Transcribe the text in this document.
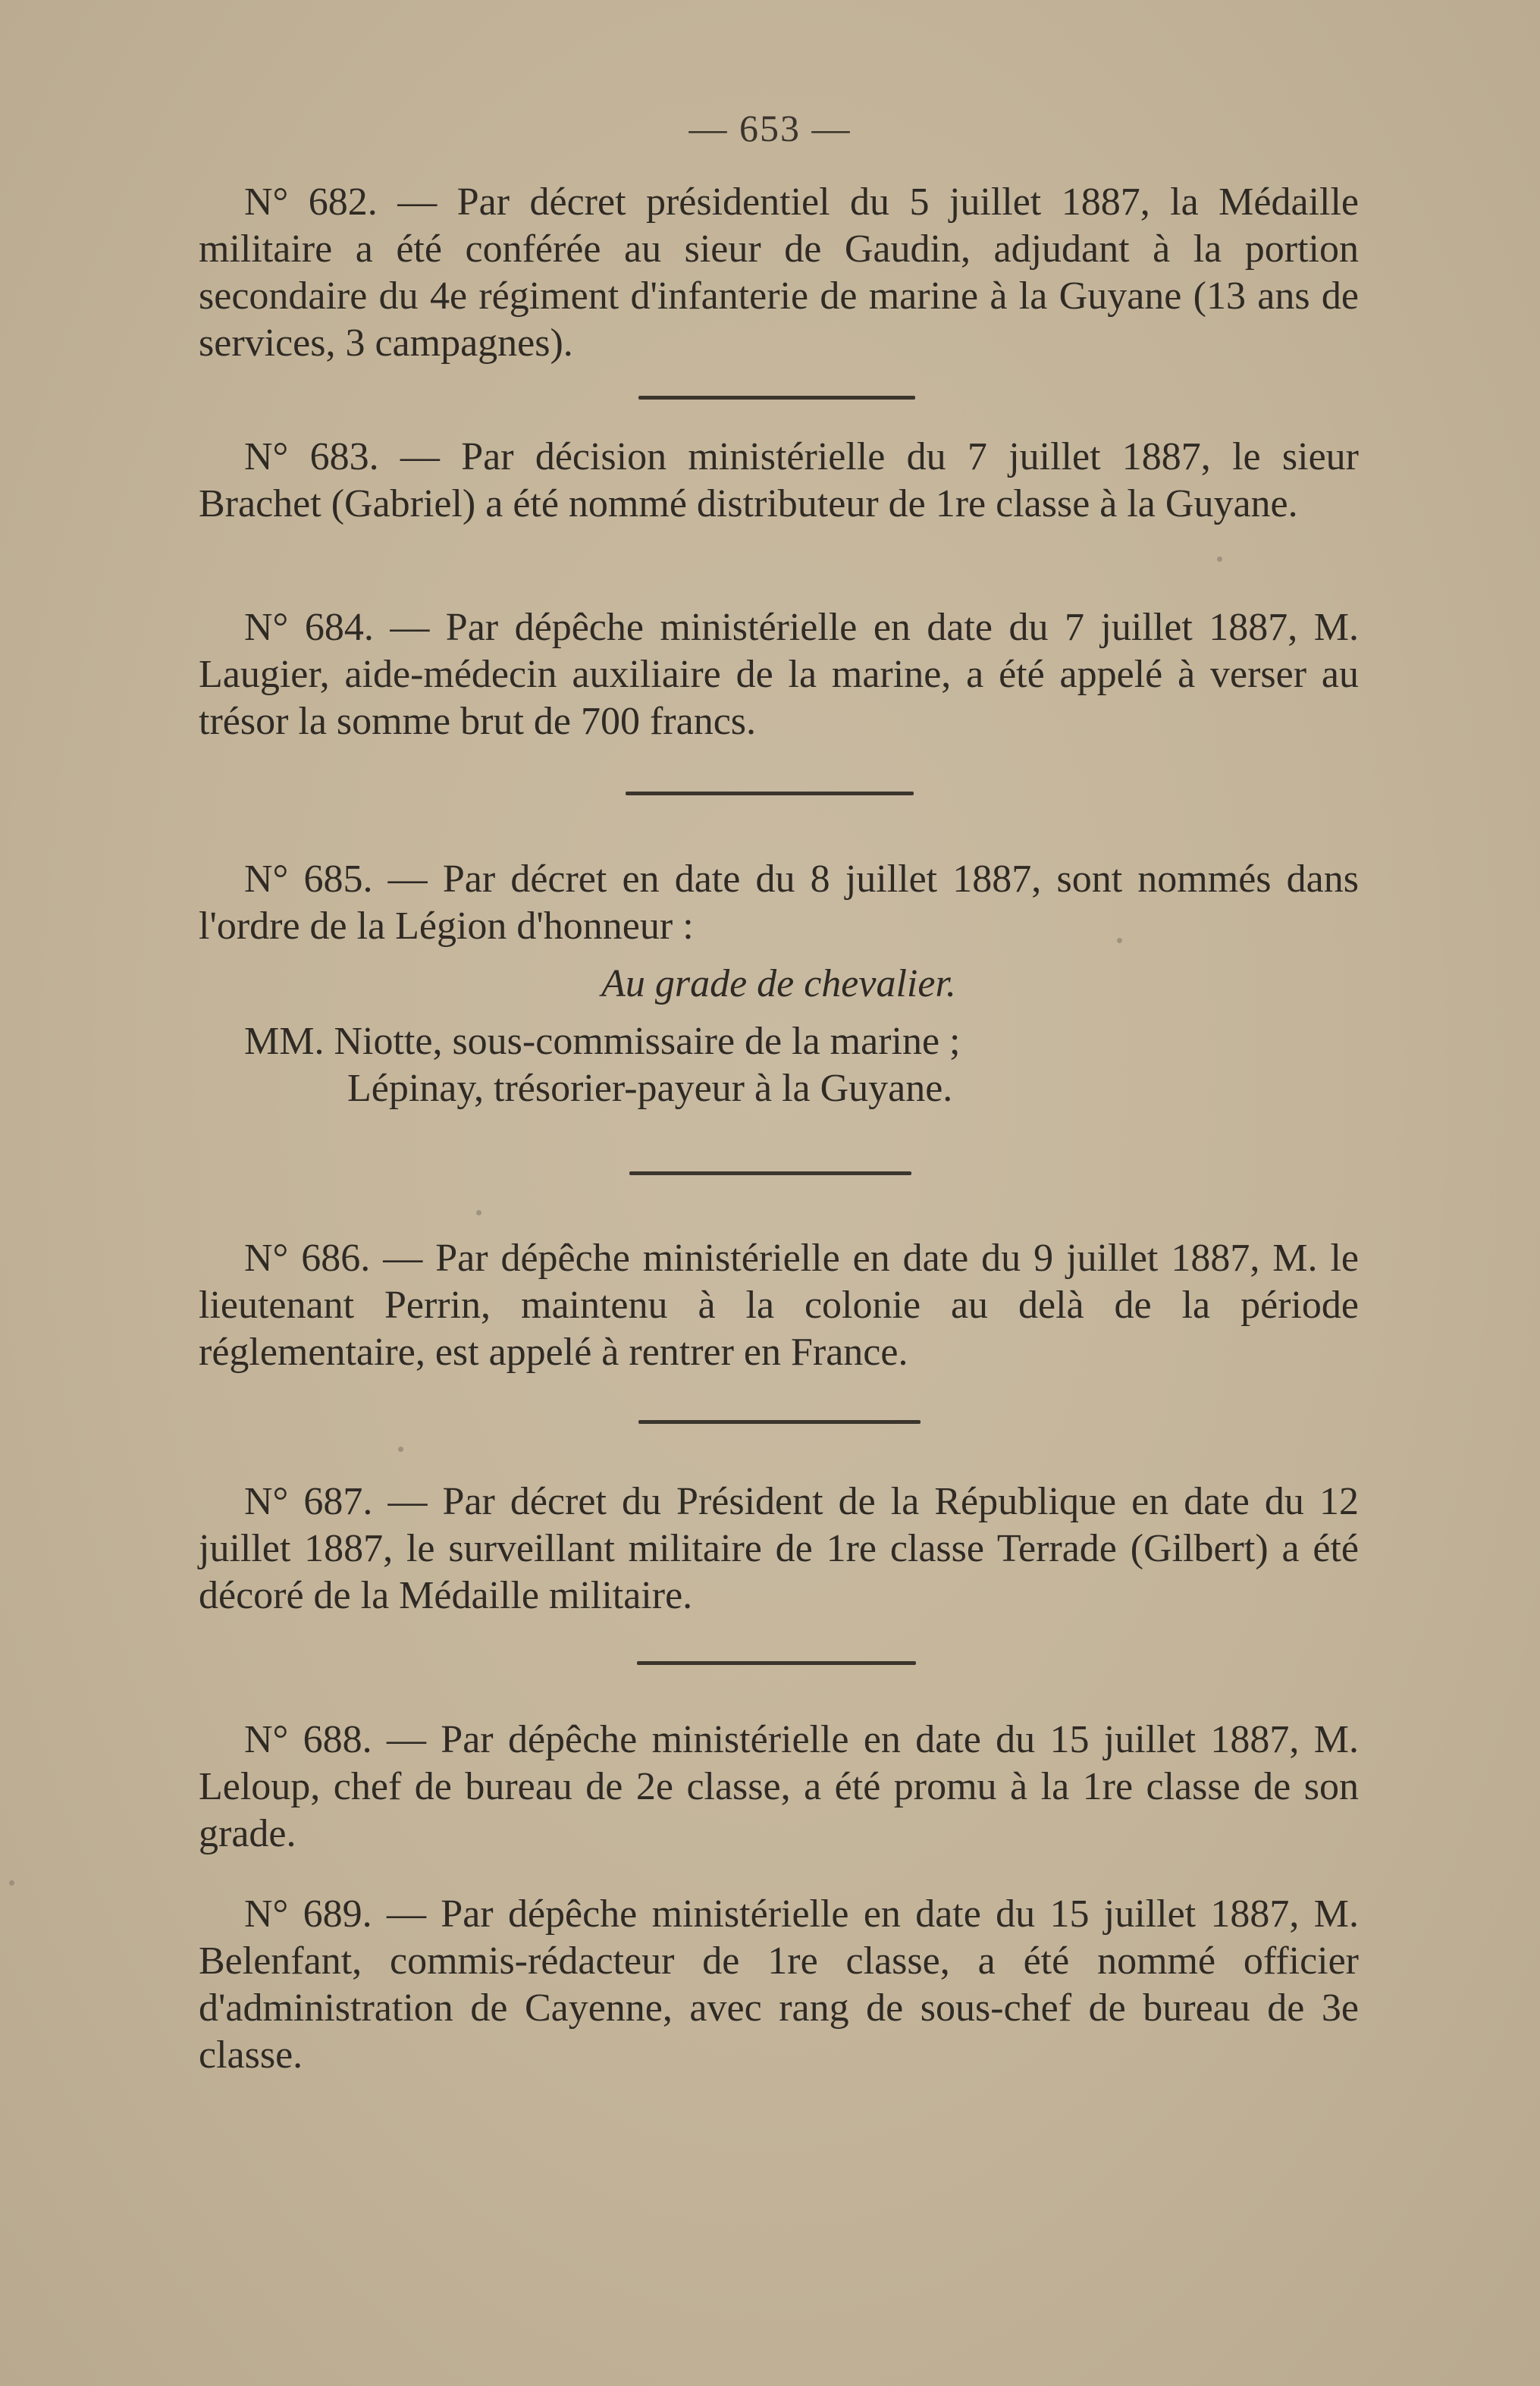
— 653 —

N° 682. — Par décret présidentiel du 5 juillet 1887, la Médaille militaire a été conférée au sieur de Gaudin, adjudant à la portion secondaire du 4e régiment d'infanterie de marine à la Guyane (13 ans de services, 3 campagnes).

N° 683. — Par décision ministérielle du 7 juillet 1887, le sieur Brachet (Gabriel) a été nommé distributeur de 1re classe à la Guyane.

N° 684. — Par dépêche ministérielle en date du 7 juillet 1887, M. Laugier, aide-médecin auxiliaire de la marine, a été appelé à verser au trésor la somme brut de 700 francs.

N° 685. — Par décret en date du 8 juillet 1887, sont nommés dans l'ordre de la Légion d'honneur :

Au grade de chevalier.

MM. Niotte, sous-commissaire de la marine ;

Lépinay, trésorier-payeur à la Guyane.

N° 686. — Par dépêche ministérielle en date du 9 juillet 1887, M. le lieutenant Perrin, maintenu à la colonie au delà de la période réglementaire, est appelé à rentrer en France.

N° 687. — Par décret du Président de la République en date du 12 juillet 1887, le surveillant militaire de 1re classe Terrade (Gilbert) a été décoré de la Médaille militaire.

N° 688. — Par dépêche ministérielle en date du 15 juillet 1887, M. Leloup, chef de bureau de 2e classe, a été promu à la 1re classe de son grade.

N° 689. — Par dépêche ministérielle en date du 15 juillet 1887, M. Belenfant, commis-rédacteur de 1re classe, a été nommé officier d'administration de Cayenne, avec rang de sous-chef de bureau de 3e classe.
